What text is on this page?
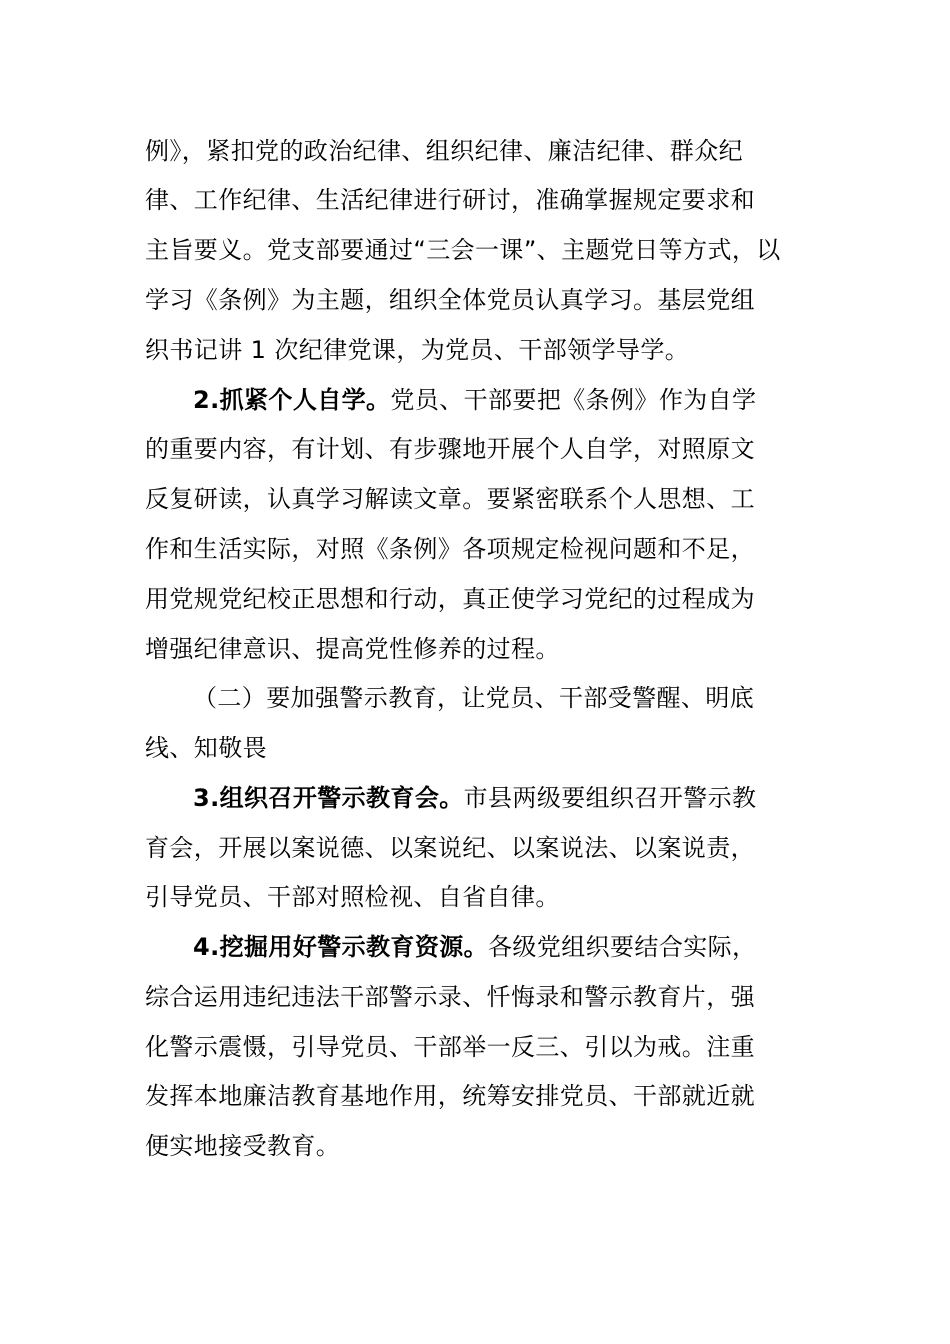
例》，紧扣党的政治纪律、组织纪律、廉洁纪律、群众纪
律、工作纪律、生活纪律进行研讨，准确掌握规定要求和
主旨要义。党支部要通过“三会一课”、主题党日等方式，以
学习《条例》为主题，组织全体党员认真学习。基层党组
织书记讲 1 次纪律党课，为党员、干部领学导学。
2.抓紧个人自学。党员、干部要把《条例》作为自学
的重要内容，有计划、有步骤地开展个人自学，对照原文
反复研读，认真学习解读文章。要紧密联系个人思想、工
作和生活实际，对照《条例》各项规定检视问题和不足，
用党规党纪校正思想和行动，真正使学习党纪的过程成为
增强纪律意识、提高党性修养的过程。
（二）要加强警示教育，让党员、干部受警醒、明底
线、知敬畏
3.组织召开警示教育会。市县两级要组织召开警示教
育会，开展以案说德、以案说纪、以案说法、以案说责，
引导党员、干部对照检视、自省自律。
4.挖掘用好警示教育资源。各级党组织要结合实际，
综合运用违纪违法干部警示录、忏悔录和警示教育片，强
化警示震慑，引导党员、干部举一反三、引以为戒。注重
发挥本地廉洁教育基地作用，统筹安排党员、干部就近就
便实地接受教育。
